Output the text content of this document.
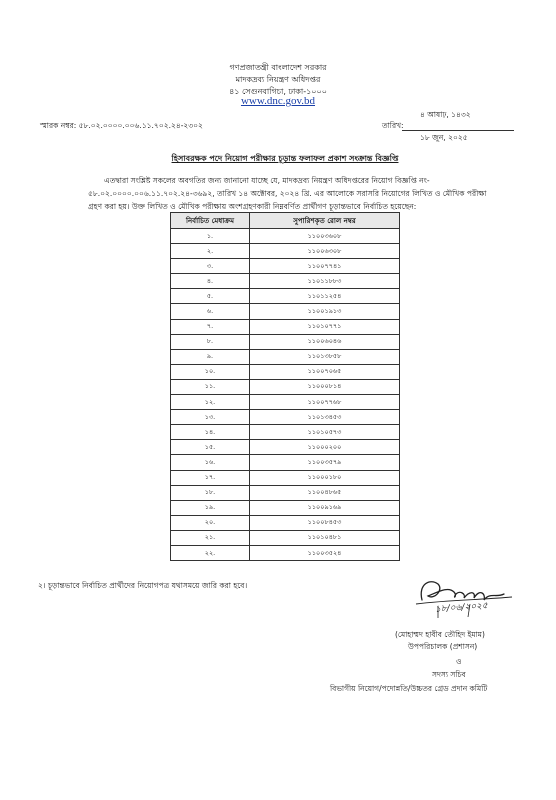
গণপ্রজাতন্ত্রী বাংলাদেশ সরকার
মাদকদ্রব্য নিয়ন্ত্রণ অধিদপ্তর
৪১ সেগুনবাগিচা, ঢাকা-১০০০
www.dnc.gov.bd
৪ আষাঢ়, ১৪৩২
স্মারক নম্বর: ৫৮.০২.০০০০.০০৬.১১.৭০২.২৪-২৩০২	তারিখ:
১৮ জুন, ২০২৫
হিসাবরক্ষক পদে নিয়োগ পরীক্ষার চূড়ান্ত ফলাফল প্রকাশ সংক্রান্ত বিজ্ঞপ্তি
এতদ্বারা সংশ্লিষ্ট সকলের অবগতির জন্য জানানো যাচ্ছে যে, মাদকদ্রব্য নিয়ন্ত্রণ অধিদপ্তরের নিয়োগ বিজ্ঞপ্তি নং-
৫৮.০২.০০০০.০০৬.১১.৭০২.২৪-৩৬৯২, তারিখ ১৪ অক্টোবর, ২০২৪ খ্রি. এর আলোকে সরাসরি নিয়োগের লিখিত ও মৌখিক পরীক্ষা
গ্রহণ করা হয়। উক্ত লিখিত ও মৌখিক পরীক্ষায় অংশগ্রহণকারী নিম্নবর্ণিত প্রার্থীগণ চূড়ান্তভাবে নির্বাচিত হয়েছেন:
নির্বাচিত মেধাক্রম	সুপারিশকৃত রোল নম্বর
১.	১১০০৩৬০৮
২.	১১০০৬৩০৮
৩.	১১০০৭৭৪১
৪.	১১০১১৮৮৩
৫.	১১০১১২৫৪
৬.	১১০০১৯১৩
৭.	১১০১০৭৭১
৮.	১১০০৬০৪৬
৯.	১১০১৩৮৫৮
১০.	১১০০৭০৬৫
১১.	১১০০০৮১৪
১২.	১১০০৭৭৬৮
১৩.	১১০১৩৪৫৩
১৪.	১১০১০৫৭৩
১৫.	১১০০০২০০
১৬.	১১০০৩৫৭৯
১৭.	১১০০০১৮০
১৮.	১১০০৪৮৬৫
১৯.	১১০০৯১৬৯
২০.	১১০০৮৪৫৩
২১.	১১০১০৪৮১
২২.	১১০০৩৫২৪
২। চূড়ান্তভাবে নির্বাচিত প্রার্থীদের নিয়োগপত্র যথাসময়ে জারি করা হবে।
১৮/০৬/২০২৫
(মোহাম্মদ হাবীব তৌহিদ ইমাম)
উপপরিচালক (প্রশাসন)
ও
সদস্য সচিব
বিভাগীয় নিয়োগ/পদোন্নতি/উচ্চতর গ্রেড প্রদান কমিটি
